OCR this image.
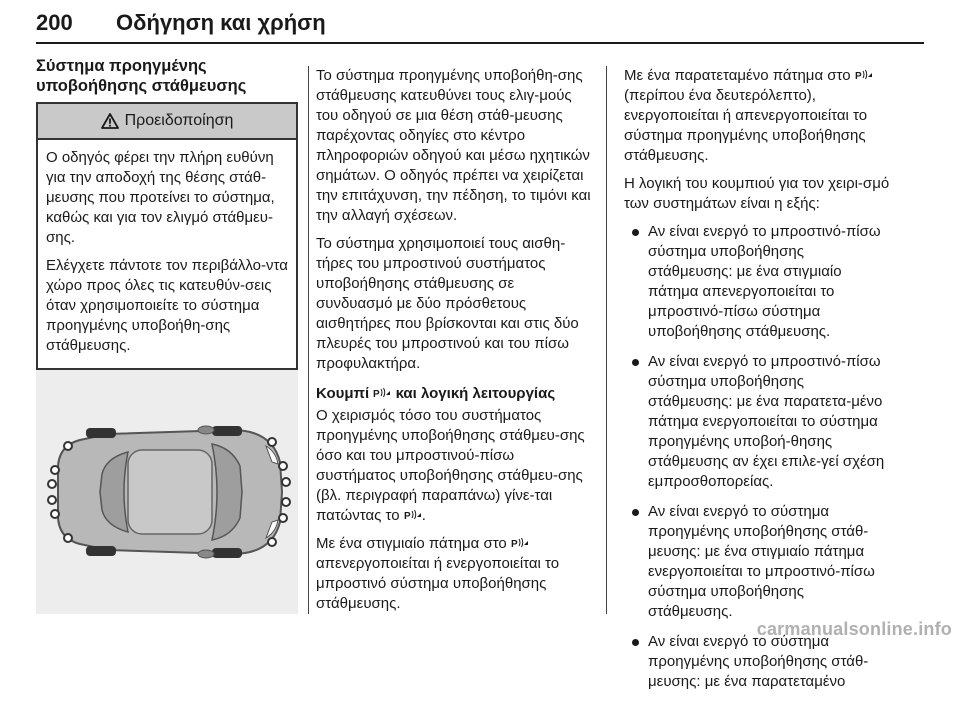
200 Οδήγηση και χρήση
Σύστημα προηγμένης
υποβοήθησης στάθμευσης
Προειδοποίηση

Ο οδηγός φέρει την πλήρη ευθύνη για την αποδοχή της θέσης στάθ-μευσης που προτείνει το σύστημα, καθώς και για τον ελιγμό στάθμευ-σης.

Ελέγχετε πάντοτε τον περιβάλλο-ντα χώρο προς όλες τις κατευθύν-σεις όταν χρησιμοποιείτε το σύστημα προηγμένης υποβοήθη-σης στάθμευσης.

Το σύστημα προηγμένης υποβοήθη-σης στάθμευσης κατευθύνει τους ελιγ-μούς του οδηγού σε μια θέση στάθ-μευσης παρέχοντας οδηγίες στο κέντρο πληροφοριών οδηγού και μέσω ηχητικών σημάτων. Ο οδηγός πρέπει να χειρίζεται την επιτάχυνση, την πέδηση, το τιμόνι και την αλλαγή σχέσεων.

Το σύστημα χρησιμοποιεί τους αισθη-τήρες του μπροστινού συστήματος υποβοήθησης στάθμευσης σε συνδυασμό με δύο πρόσθετους αισθητήρες που βρίσκονται και στις δύο πλευρές του μπροστινού και του πίσω προφυλακτήρα.

Κουμπί P και λογική λειτουργίας

Ο χειρισμός τόσο του συστήματος προηγμένης υποβοήθησης στάθμευ-σης όσο και του μπροστινού-πίσω συστήματος υποβοήθησης στάθμευ-σης (βλ. περιγραφή παραπάνω) γίνε-ται πατώντας το P .

Με ένα στιγμιαίο πάτημα στο P
απενεργοποιείται ή ενεργοποιείται το μπροστινό σύστημα υποβοήθησης στάθμευσης.

Με ένα παρατεταμένο πάτημα στο P
(περίπου ένα δευτερόλεπτο), ενεργοποιείται ή απενεργοποιείται το σύστημα προηγμένης υποβοήθησης στάθμευσης.

Η λογική του κουμπιού για τον χειρι-σμό των συστημάτων είναι η εξής:

Αν είναι ενεργό το μπροστινό-πίσω σύστημα υποβοήθησης στάθμευσης: με ένα στιγμιαίο πάτημα απενεργοποιείται το μπροστινό-πίσω σύστημα υποβοήθησης στάθμευσης.
Αν είναι ενεργό το μπροστινό-πίσω σύστημα υποβοήθησης στάθμευσης: με ένα παρατετα-μένο πάτημα ενεργοποιείται το σύστημα προηγμένης υποβοή-θησης στάθμευσης αν έχει επιλε-γεί σχέση εμπροσθοπορείας.
Αν είναι ενεργό το σύστημα προηγμένης υποβοήθησης στάθ-μευσης: με ένα στιγμιαίο πάτημα ενεργοποιείται το μπροστινό-πίσω σύστημα υποβοήθησης στάθμευσης.
Αν είναι ενεργό το σύστημα προηγμένης υποβοήθησης στάθ-μευσης: με ένα παρατεταμένο
carmanualsonline.info
